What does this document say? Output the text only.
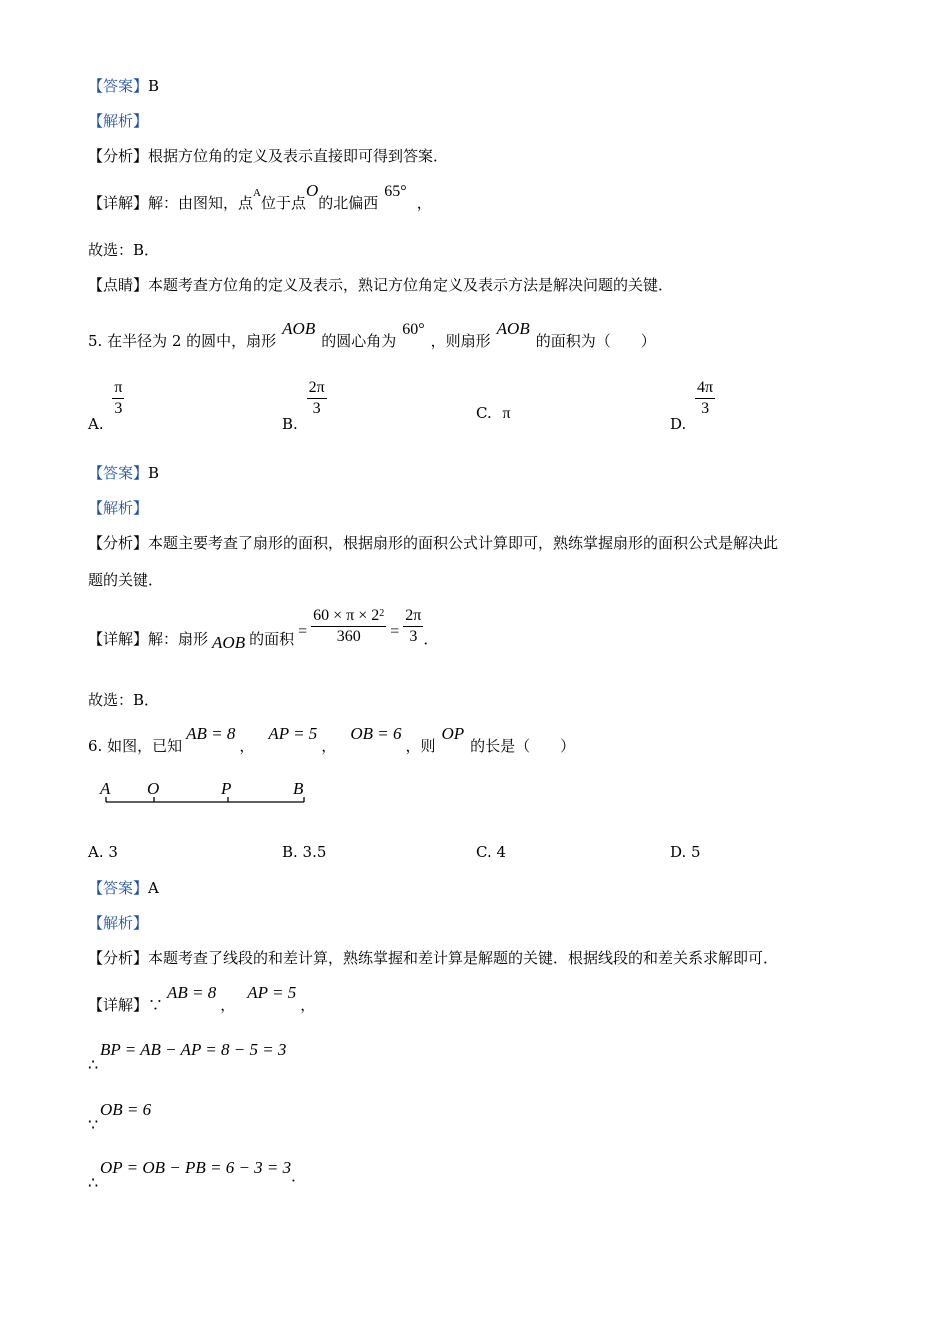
【答案】B
【解析】
【分析】根据方位角的定义及表示直接即可得到答案．
【详解】解：由图知，点$^A$位于点O的北偏西65°，
故选：B．
【点睛】本题考查方位角的定义及表示，熟记方位角定义及表示方法是解决问题的关键．
5. 在半径为 2 的圆中，扇形AOB的圆心角为60°，则扇形AOB的面积为（　　）
A.
$\frac{\pi}{3}$
B.
$\frac{2\pi}{3}$	C. π
D.
$\frac{4\pi}{3}$
【答案】B
【解析】
【分析】本题主要考查了扇形的面积，根据扇形的面积公式计算即可，熟练掌握扇形的面积公式是解决此
题的关键．
【详解】解：扇形 AOB 的面积 = $\frac{60 \times \pi \times 2^2}{360} = \frac{2\pi}{3}$ ．
故选：B．
6. 如图，已知AB = 8，AP = 5，OB = 6，则OP的长是（　　）
A O	P	B
A. 3	B. 3.5	C. 4	D. 5
【答案】A
【解析】
【分析】本题考查了线段的和差计算，熟练掌握和差计算是解题的关键．根据线段的和差关系求解即可．
【详解】∵AB = 8，AP = 5，
∴
BP = AB − AP = 8 − 5 = 3
∵
OB = 6
∴
OP = OB − PB = 6 − 3 = 3．
